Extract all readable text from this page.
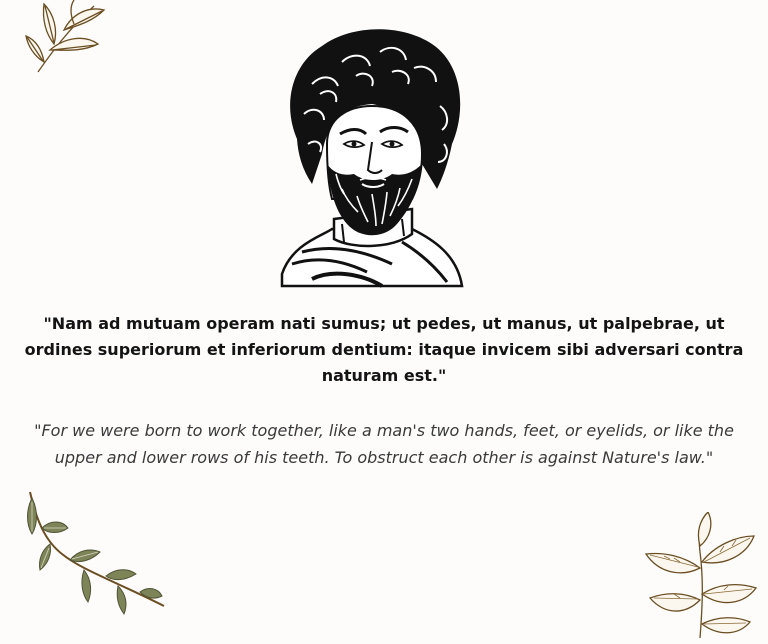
"Nam ad mutuam operam nati sumus; ut pedes, ut manus, ut palpebrae, ut ordines superiorum et inferiorum dentium: itaque invicem sibi adversari contra naturam est."

"For we were born to work together, like a man's two hands, feet, or eyelids, or like the upper and lower rows of his teeth. To obstruct each other is against Nature's law."
